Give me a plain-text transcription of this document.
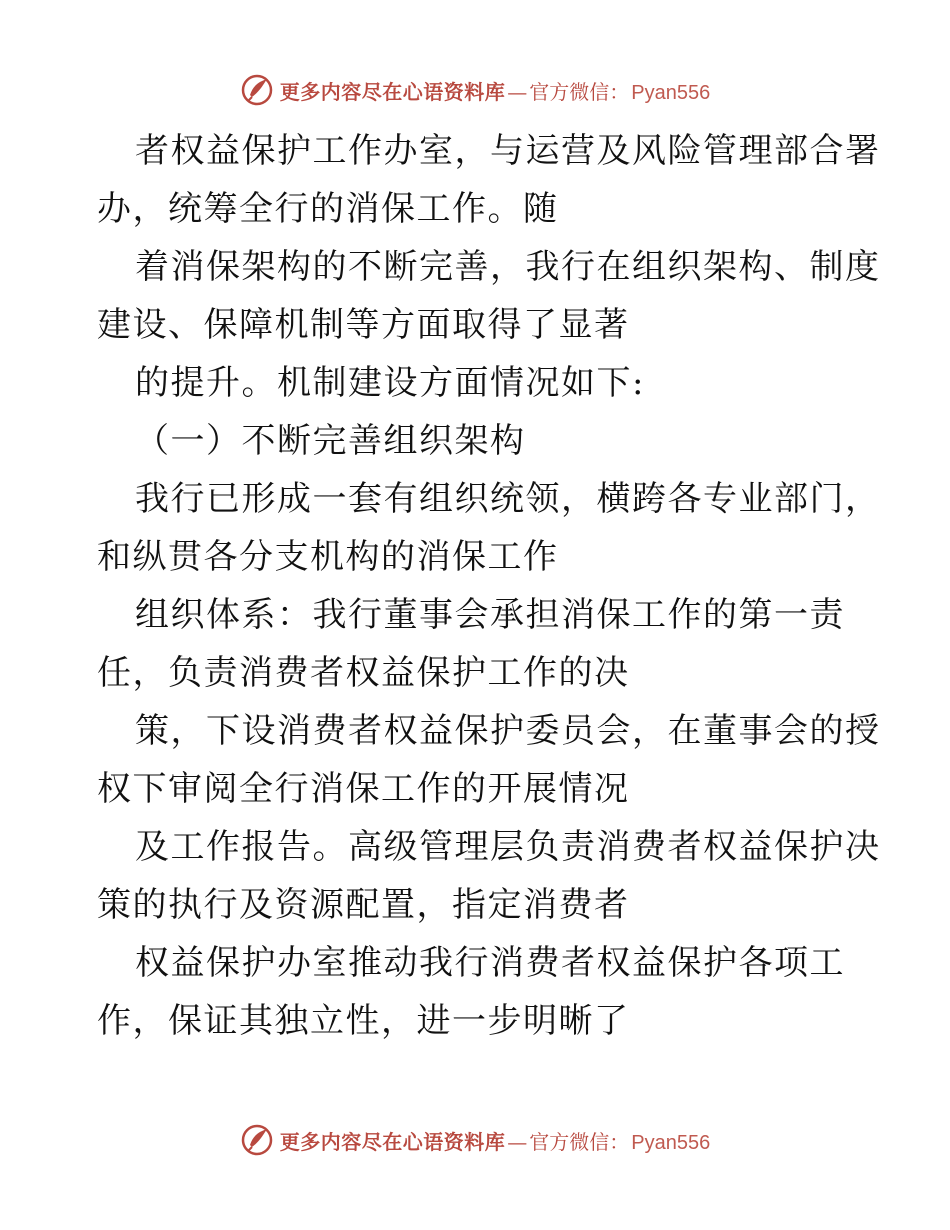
更多内容尽在心语资料库 — 官方微信： Pyan556
者权益保护工作办室，与运营及风险管理部合署
办，统筹全行的消保工作。随
着消保架构的不断完善，我行在组织架构、制度
建设、保障机制等方面取得了显著
的提升。机制建设方面情况如下:
（一）不断完善组织架构
我行已形成一套有组织统领，横跨各专业部门，
和纵贯各分支机构的消保工作
组织体系：我行董事会承担消保工作的第一责
任，负责消费者权益保护工作的决
策，下设消费者权益保护委员会，在董事会的授
权下审阅全行消保工作的开展情况
及工作报告。高级管理层负责消费者权益保护决
策的执行及资源配置，指定消费者
权益保护办室推动我行消费者权益保护各项工
作，保证其独立性，进一步明晰了
更多内容尽在心语资料库 — 官方微信： Pyan556
